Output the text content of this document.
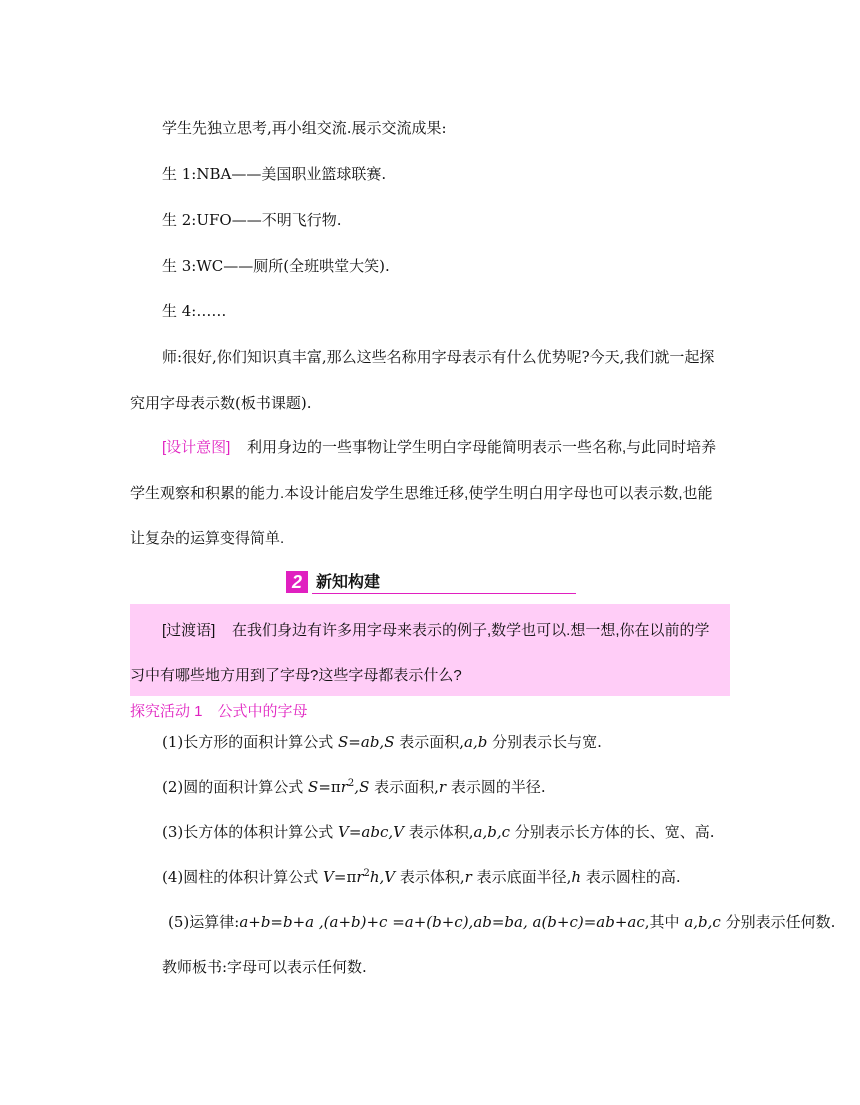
学生先独立思考,再小组交流.展示交流成果:
生 1:NBA——美国职业篮球联赛.
生 2:UFO——不明飞行物.
生 3:WC——厕所(全班哄堂大笑).
生 4:……
师:很好,你们知识真丰富,那么这些名称用字母表示有什么优势呢?今天,我们就一起探
究用字母表示数(板书课题).
[设计意图] 利用身边的一些事物让学生明白字母能简明表示一些名称,与此同时培养
学生观察和积累的能力.本设计能启发学生思维迁移,使学生明白用字母也可以表示数,也能
让复杂的运算变得简单.
2 新知构建
[过渡语] 在我们身边有许多用字母来表示的例子,数学也可以.想一想,你在以前的学
习中有哪些地方用到了字母?这些字母都表示什么?
探究活动 1　公式中的字母
(1)长方形的面积计算公式 S=ab,S 表示面积,a,b 分别表示长与宽.
(2)圆的面积计算公式 $S=\pi r^2,S$ 表示面积,r 表示圆的半径.
(3)长方体的体积计算公式 V=abc,V 表示体积,a,b,c 分别表示长方体的长、宽、高.
(4)圆柱的体积计算公式 $V=\pi r^2h,V$ 表示体积,r 表示底面半径,h 表示圆柱的高.
(5)运算律:a+b=b+a ,(a+b)+c =a+(b+c),ab=ba, a(b+c)=ab+ac,其中 a,b,c 分别表示任何数.
教师板书:字母可以表示任何数.
